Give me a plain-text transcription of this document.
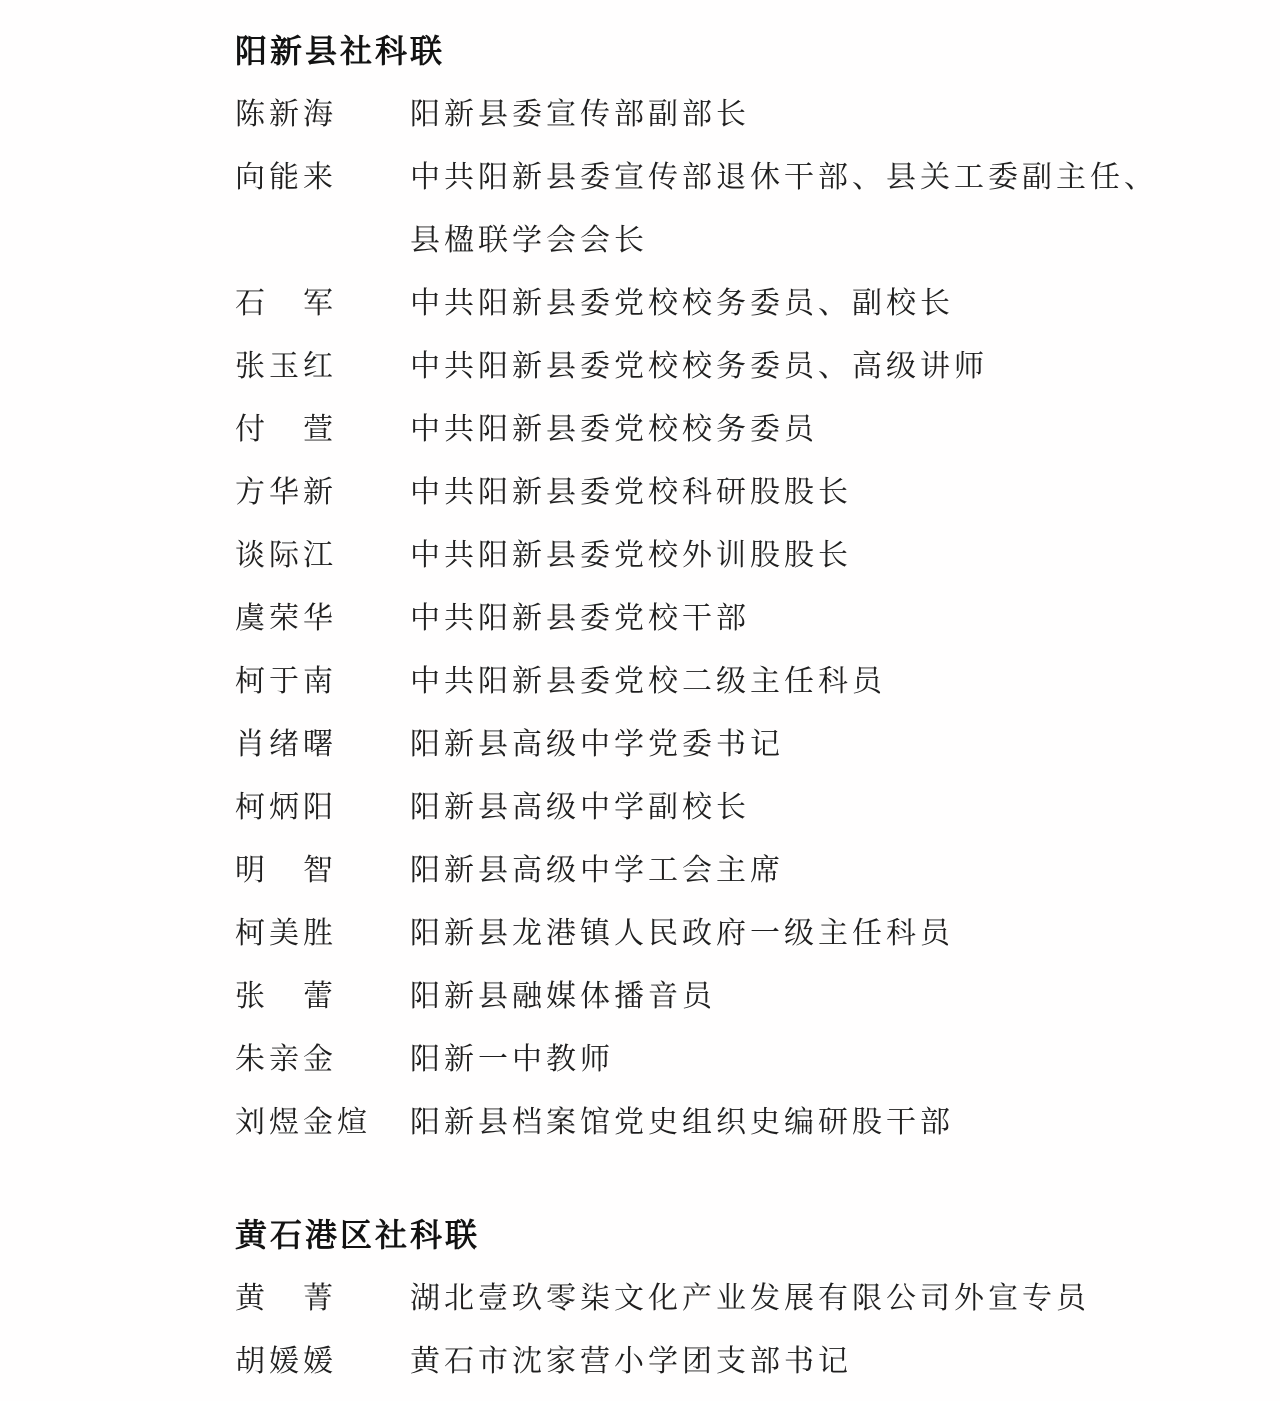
阳新县社科联
陈新海	阳新县委宣传部副部长
向能来	中共阳新县委宣传部退休干部、县关工委副主任、县楹联学会会长
石　军	中共阳新县委党校校务委员、副校长
张玉红	中共阳新县委党校校务委员、高级讲师
付　萱	中共阳新县委党校校务委员
方华新	中共阳新县委党校科研股股长
谈际江	中共阳新县委党校外训股股长
虞荣华	中共阳新县委党校干部
柯于南	中共阳新县委党校二级主任科员
肖绪曙	阳新县高级中学党委书记
柯炳阳	阳新县高级中学副校长
明　智	阳新县高级中学工会主席
柯美胜	阳新县龙港镇人民政府一级主任科员
张　蕾	阳新县融媒体播音员
朱亲金	阳新一中教师
刘煜金煊	阳新县档案馆党史组织史编研股干部
黄石港区社科联
黄　菁	湖北壹玖零柒文化产业发展有限公司外宣专员
胡媛媛	黄石市沈家营小学团支部书记
